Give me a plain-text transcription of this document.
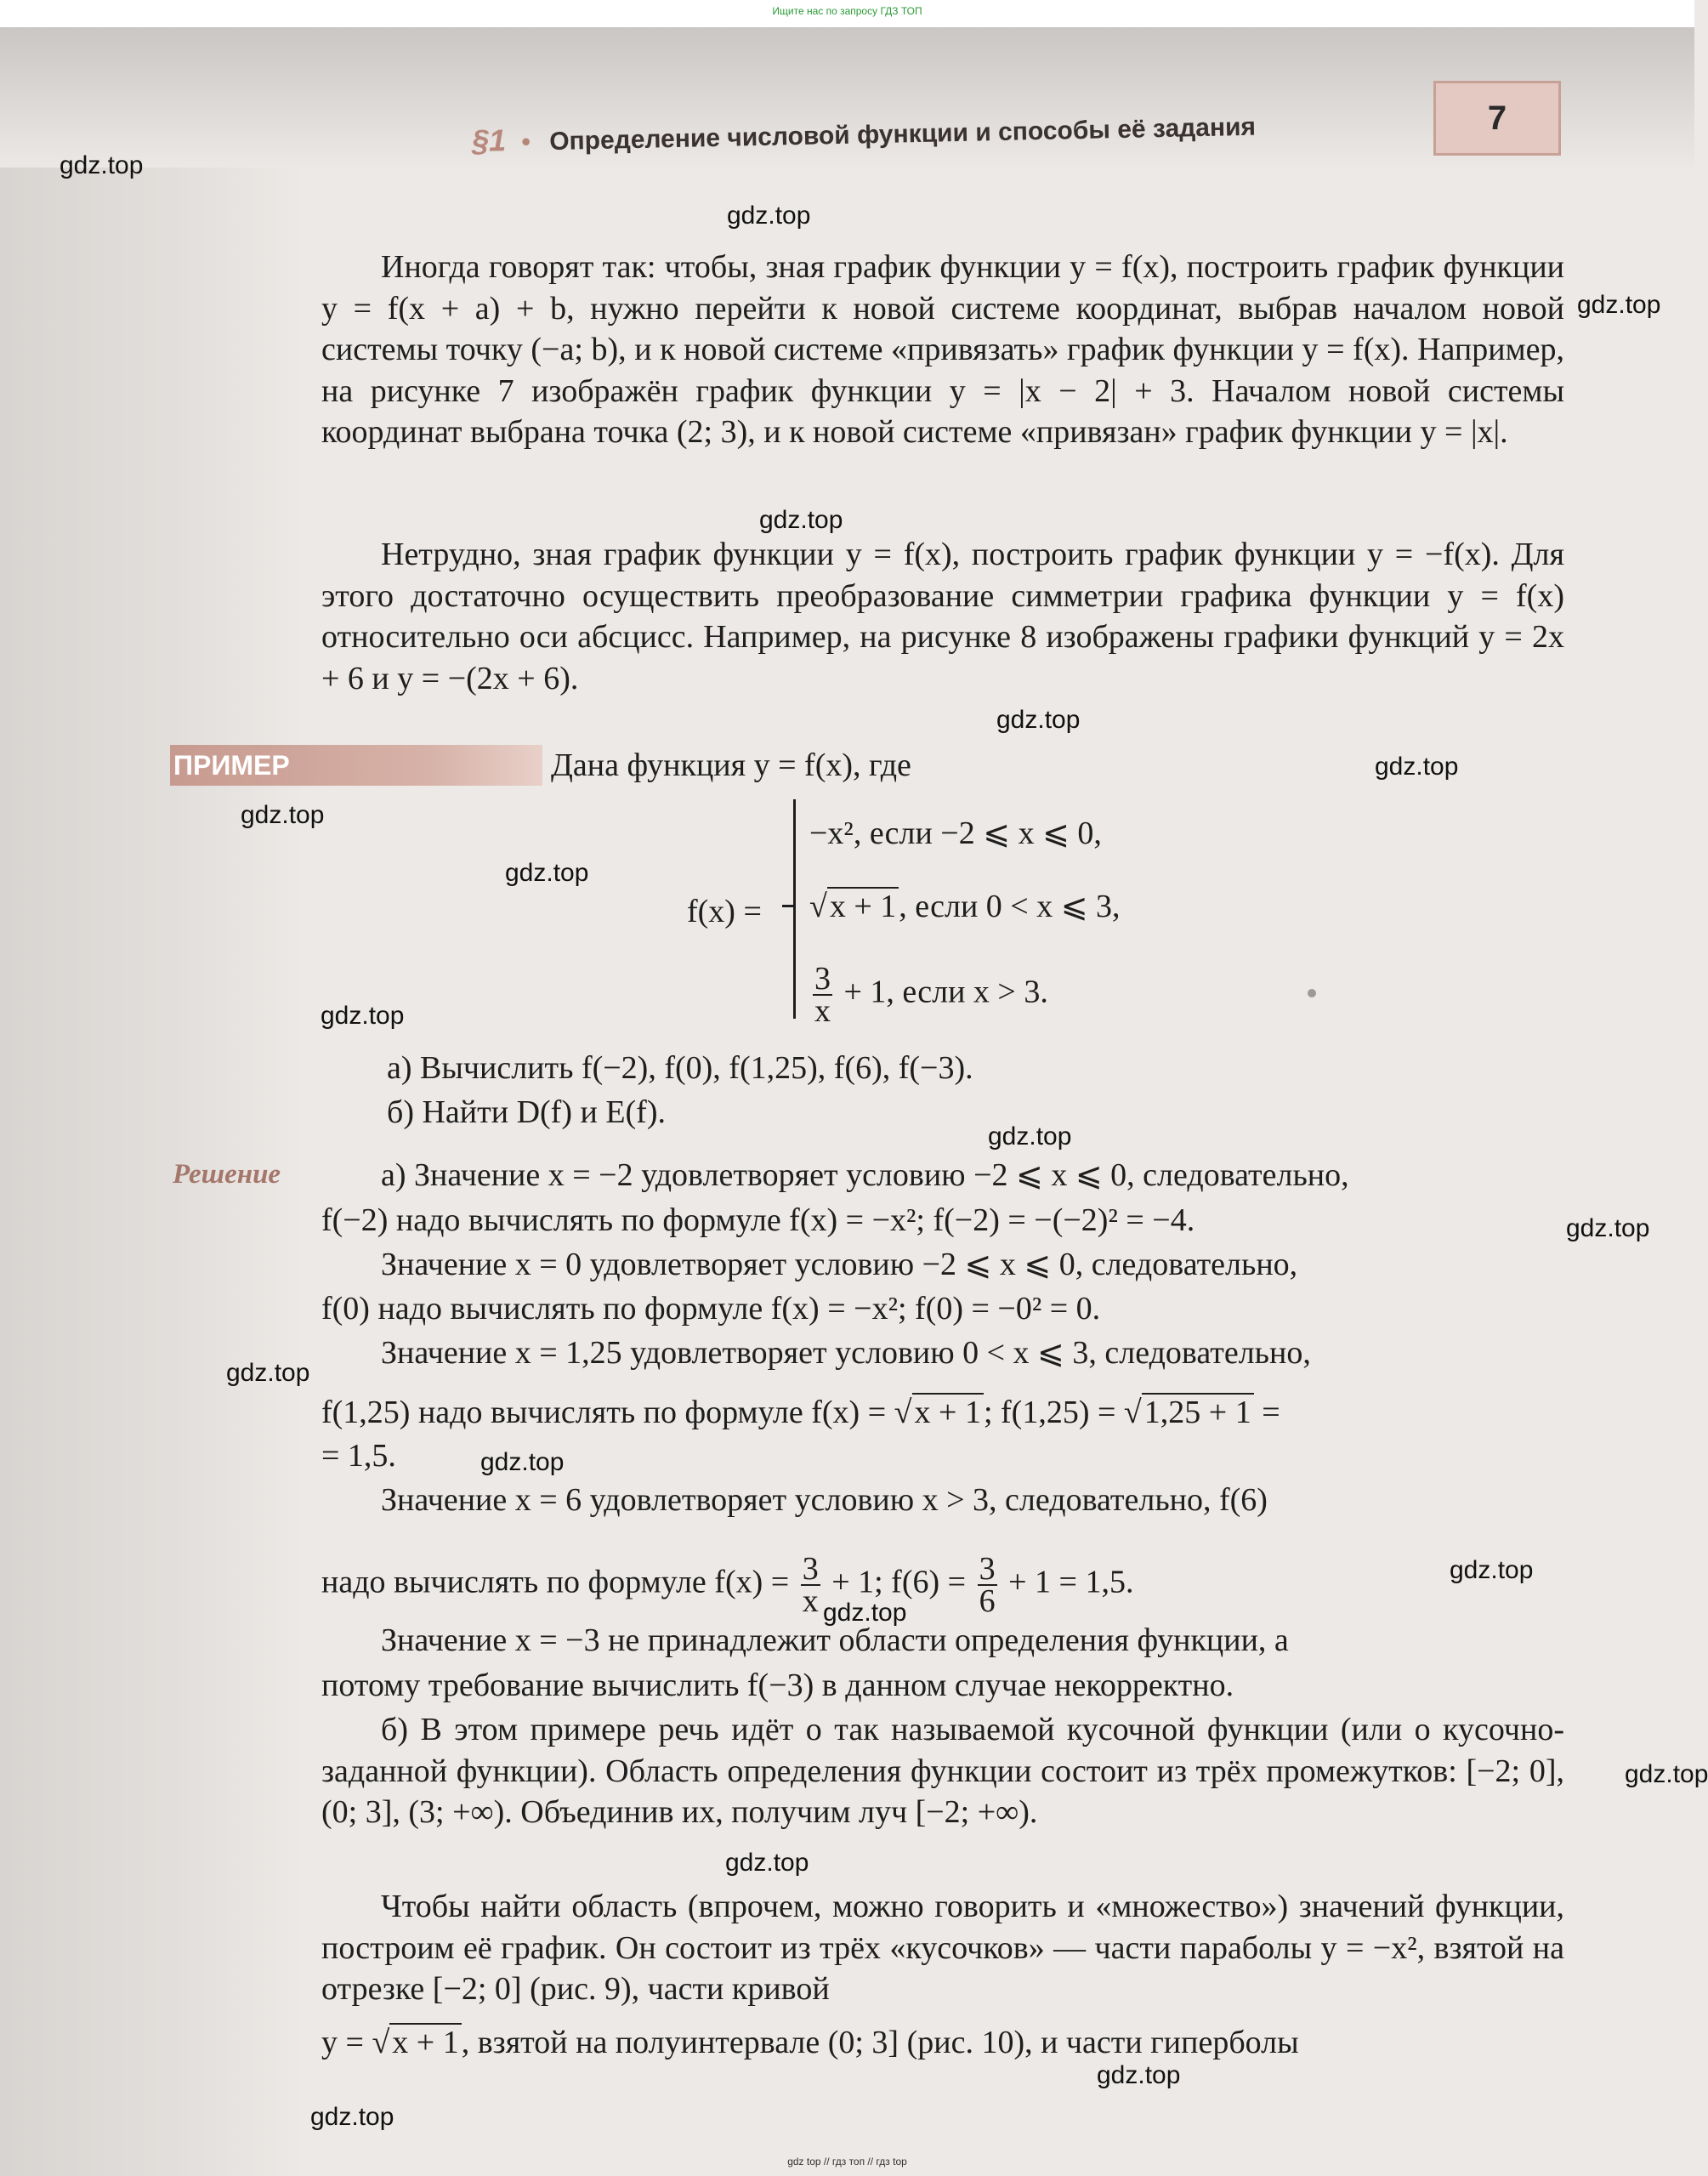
Ищите нас по запросу ГДЗ ТОП
§1 • Определение числовой функции и способы её задания	7
gdz.top
gdz.top
gdz.top
gdz.top
gdz.top
gdz.top
gdz.top
gdz.top
gdz.top
gdz.top
gdz.top
gdz.top
gdz.top
gdz.top
gdz.top
gdz.top
gdz.top
gdz.top
gdz.top

Иногда говорят так: чтобы, зная график функции y = f(x), построить график функции y = f(x + a) + b, нужно перейти к новой системе координат, выбрав началом новой системы точку (−a; b), и к новой системе «привязать» график функции y = f(x). Например, на рисунке 7 изображён график функции y = |x − 2| + 3. Началом новой системы координат выбрана точка (2; 3), и к новой системе «привязан» график функции y = |x|.

Нетрудно, зная график функции y = f(x), построить график функции y = −f(x). Для этого достаточно осуществить преобразование симметрии графика функции y = f(x) относительно оси абсцисс. Например, на рисунке 8 изображены графики функций y = 2x + 6 и y = −(2x + 6).

ПРИМЕР	Дана функция y = f(x), где

f(x) =

−x², если −2 ⩽ x ⩽ 0,

√x + 1, если 0 < x ⩽ 3,

$\frac{3}{x} + 1$, если x > 3.

а) Вычислить f(−2), f(0), f(1,25), f(6), f(−3).

б) Найти D(f) и E(f).

Решение	а) Значение x = −2 удовлетворяет условию −2 ⩽ x ⩽ 0, следовательно,

f(−2) надо вычислять по формуле f(x) = −x²; f(−2) = −(−2)² = −4.

Значение x = 0 удовлетворяет условию −2 ⩽ x ⩽ 0, следовательно,

f(0) надо вычислять по формуле f(x) = −x²; f(0) = −0² = 0.

Значение x = 1,25 удовлетворяет условию 0 < x ⩽ 3, следовательно,

f(1,25) надо вычислять по формуле f(x) = √x + 1; f(1,25) = √1,25 + 1 =

= 1,5.

Значение x = 6 удовлетворяет условию x > 3, следовательно, f(6)

надо вычислять по формуле $f(x) = \frac{3}{x} + 1$; $f(6) = \frac{3}{6} + 1 = 1,5$.

Значение x = −3 не принадлежит области определения функции, а

потому требование вычислить f(−3) в данном случае некорректно.

б) В этом примере речь идёт о так называемой кусочной функции (или о кусочно-заданной функции). Область определения функции состоит из трёх промежутков: [−2; 0], (0; 3], (3; +∞). Объединив их, получим луч [−2; +∞).

Чтобы найти область (впрочем, можно говорить и «множество») значений функции, построим её график. Он состоит из трёх «кусочков» — части параболы y = −x², взятой на отрезке [−2; 0] (рис. 9), части кривой

y = √x + 1, взятой на полуинтервале (0; 3] (рис. 10), и части гиперболы

gdz top // гдз топ // гдз top
